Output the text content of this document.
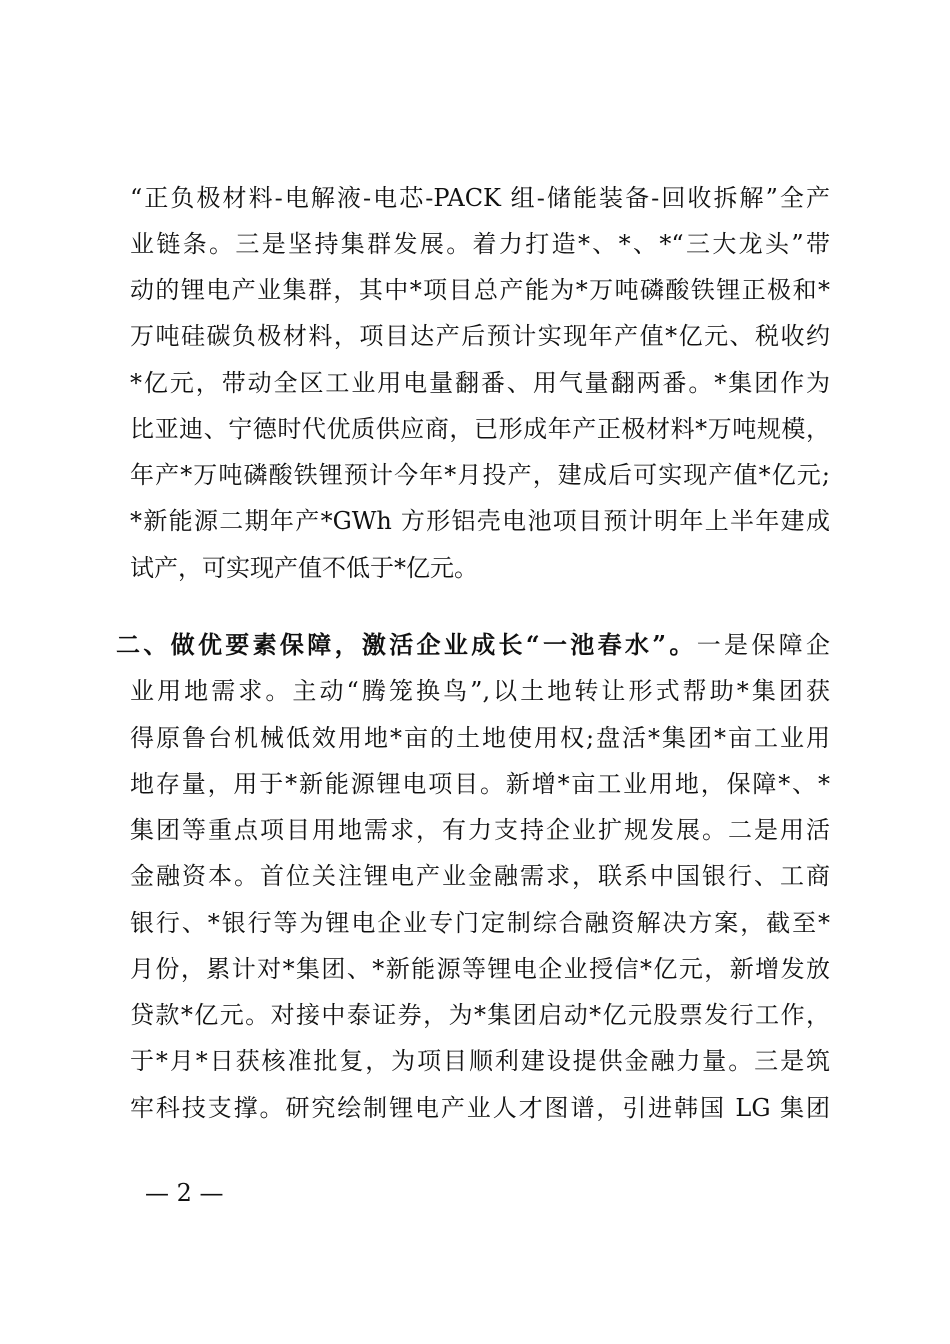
“正负极材料-电解液-电芯-PACK 组-储能装备-回收拆解”全产
业链条。三是坚持集群发展。着力打造*、*、*“三大龙头”带
动的锂电产业集群，其中*项目总产能为*万吨磷酸铁锂正极和*
万吨硅碳负极材料，项目达产后预计实现年产值*亿元、税收约
*亿元，带动全区工业用电量翻番、用气量翻两番。*集团作为
比亚迪、宁德时代优质供应商，已形成年产正极材料*万吨规模，
年产*万吨磷酸铁锂预计今年*月投产，建成后可实现产值*亿元;
*新能源二期年产*GWh 方形铝壳电池项目预计明年上半年建成
试产，可实现产值不低于*亿元。
二、做优要素保障，激活企业成长“一池春水”。一是保障企
业用地需求。主动“腾笼换鸟”,以土地转让形式帮助*集团获
得原鲁台机械低效用地*亩的土地使用权;盘活*集团*亩工业用
地存量，用于*新能源锂电项目。新增*亩工业用地，保障*、*
集团等重点项目用地需求，有力支持企业扩规发展。二是用活
金融资本。首位关注锂电产业金融需求，联系中国银行、工商
银行、*银行等为锂电企业专门定制综合融资解决方案，截至*
月份，累计对*集团、*新能源等锂电企业授信*亿元，新增发放
贷款*亿元。对接中泰证券，为*集团启动*亿元股票发行工作，
于*月*日获核准批复，为项目顺利建设提供金融力量。三是筑
牢科技支撑。研究绘制锂电产业人才图谱，引进韩国 LG 集团
— 2 —
